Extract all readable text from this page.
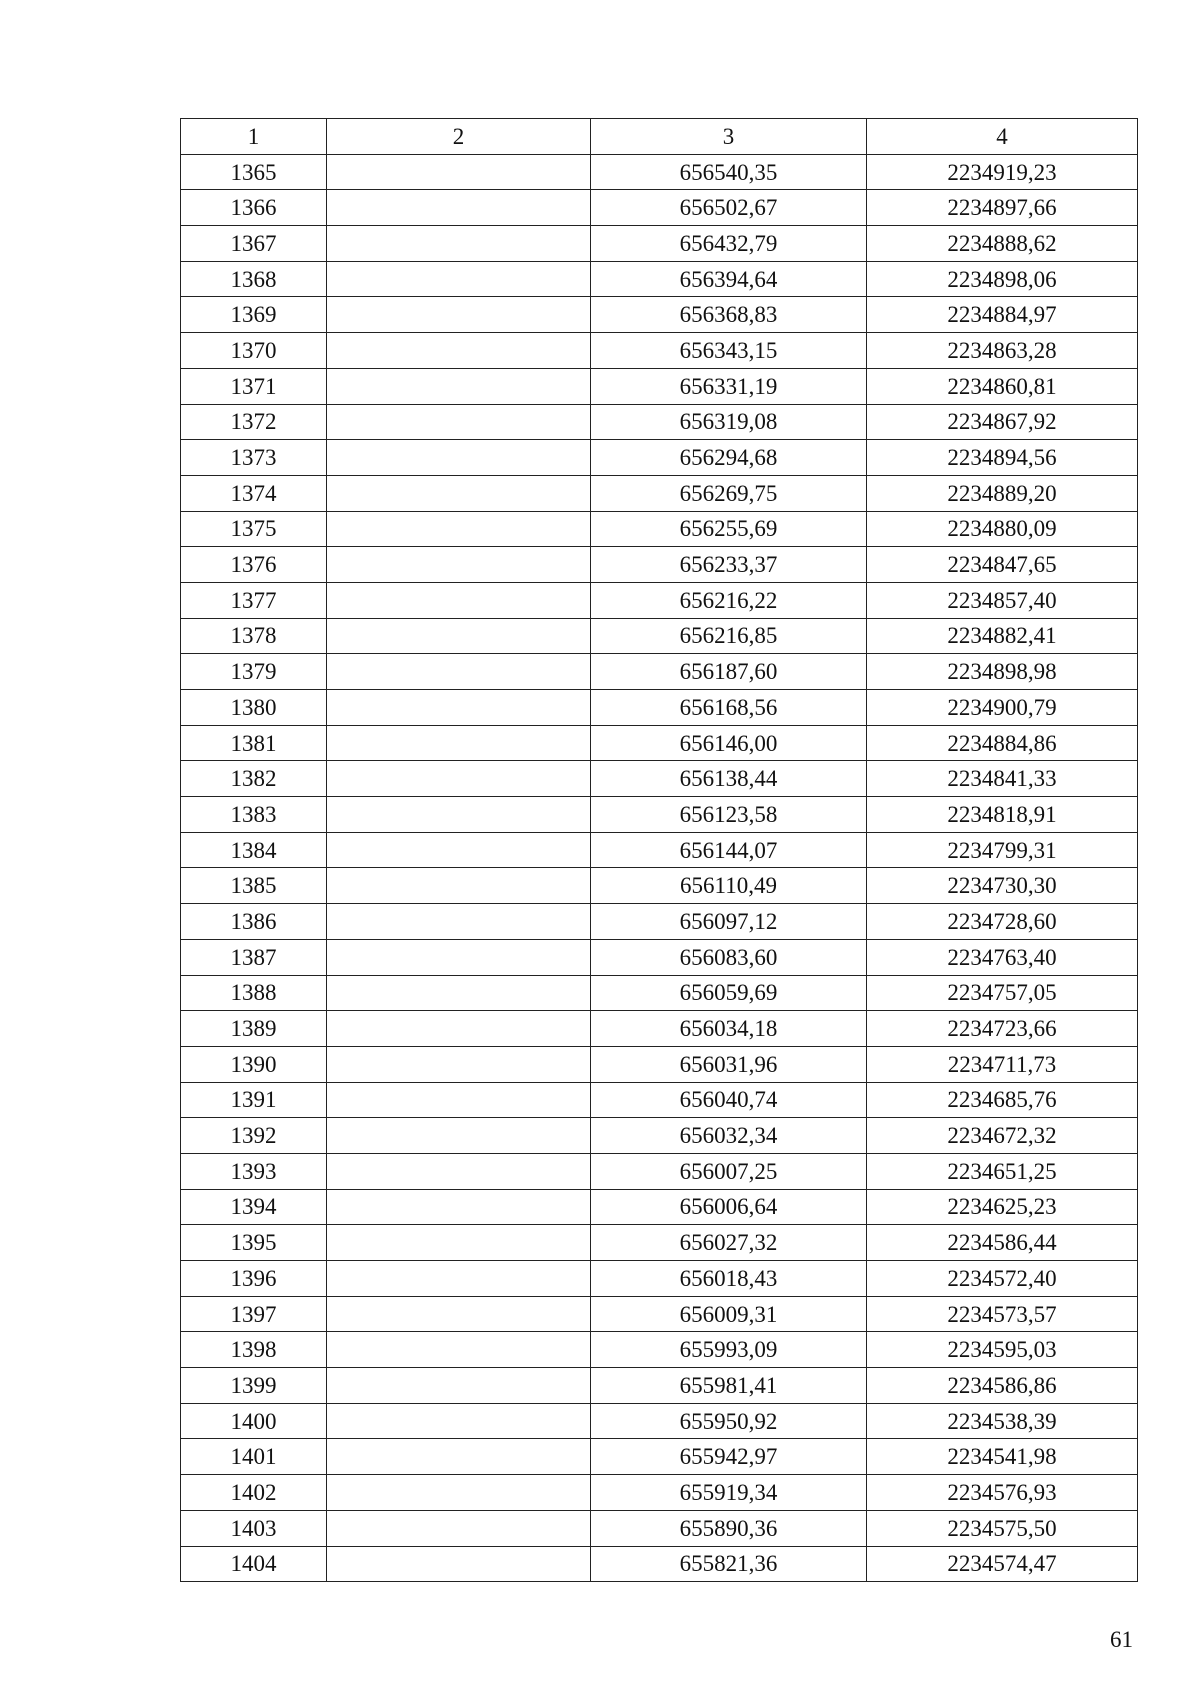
1	2	3	4
1365		656540,35	2234919,23
1366		656502,67	2234897,66
1367		656432,79	2234888,62
1368		656394,64	2234898,06
1369		656368,83	2234884,97
1370		656343,15	2234863,28
1371		656331,19	2234860,81
1372		656319,08	2234867,92
1373		656294,68	2234894,56
1374		656269,75	2234889,20
1375		656255,69	2234880,09
1376		656233,37	2234847,65
1377		656216,22	2234857,40
1378		656216,85	2234882,41
1379		656187,60	2234898,98
1380		656168,56	2234900,79
1381		656146,00	2234884,86
1382		656138,44	2234841,33
1383		656123,58	2234818,91
1384		656144,07	2234799,31
1385		656110,49	2234730,30
1386		656097,12	2234728,60
1387		656083,60	2234763,40
1388		656059,69	2234757,05
1389		656034,18	2234723,66
1390		656031,96	2234711,73
1391		656040,74	2234685,76
1392		656032,34	2234672,32
1393		656007,25	2234651,25
1394		656006,64	2234625,23
1395		656027,32	2234586,44
1396		656018,43	2234572,40
1397		656009,31	2234573,57
1398		655993,09	2234595,03
1399		655981,41	2234586,86
1400		655950,92	2234538,39
1401		655942,97	2234541,98
1402		655919,34	2234576,93
1403		655890,36	2234575,50
1404		655821,36	2234574,47
61
